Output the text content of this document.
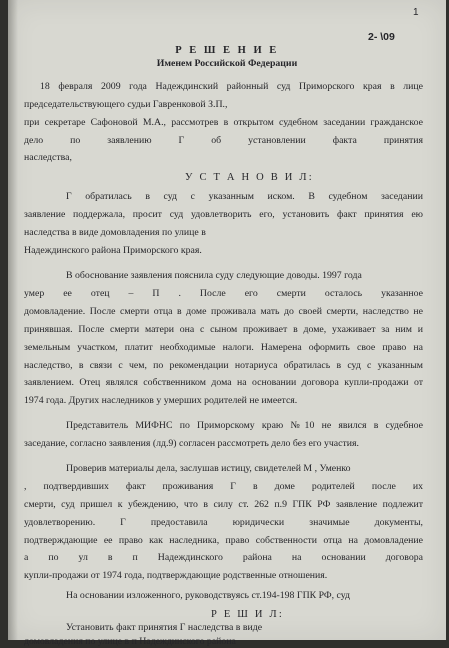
1
2- \09
Р Е Ш Е Н И Е
Именем Российской Федерации
18 февраля 2009 года Надеждинский районный суд Приморского края в лице
председательствующего судьи Гавренковой З.П.,
при секретаре Сафоновой М.А., рассмотрев в открытом судебном заседании гражданское
дело по заявлению Г об установлении факта принятия
наследства,
У С Т А Н О В И Л:
Г обратилась в суд с указанным иском. В судебном заседании
заявление поддержала, просит суд удовлетворить его, установить факт принятия ею
наследства в виде домовладения по улице в
Надеждинского района Приморского края.
В обоснование заявления пояснила суду следующие доводы. 1997 года
умер ее отец – П . После его смерти осталось указанное
домовладение. После смерти отца в доме проживала мать до своей смерти, наследство не
принявшая. После смерти матери она с сыном проживает в доме, ухаживает за ним и
земельным участком, платит необходимые налоги. Намерена оформить свое право на
наследство, в связи с чем, по рекомендации нотариуса обратилась в суд с указанным
заявлением. Отец являлся собственником дома на основании договора купли-продажи от
1974 года. Других наследников у умерших родителей не имеется.
Представитель МИФНС по Приморскому краю №10 не явился в судебное
заседание, согласно заявления (лд.9) согласен рассмотреть дело без его участия.
Проверив материалы дела, заслушав истицу, свидетелей М , Уменко
, подтвердивших факт проживания Г в доме родителей после их
смерти, суд пришел к убеждению, что в силу ст. 262 п.9 ГПК РФ заявление подлежит
удовлетворению. Г предоставила юридически значимые документы,
подтверждающие ее право как наследника, право собственности отца на домовладение
а по ул в п Надеждинского района на основании договора
купли-продажи от 1974 года, подтверждающие родственные отношения.
На основании изложенного, руководствуясь ст.194-198 ГПК РФ, суд
Р Е Ш И Л:
Установить факт принятия Г наследства в виде
домовладения по улице в п Надеждинского района
